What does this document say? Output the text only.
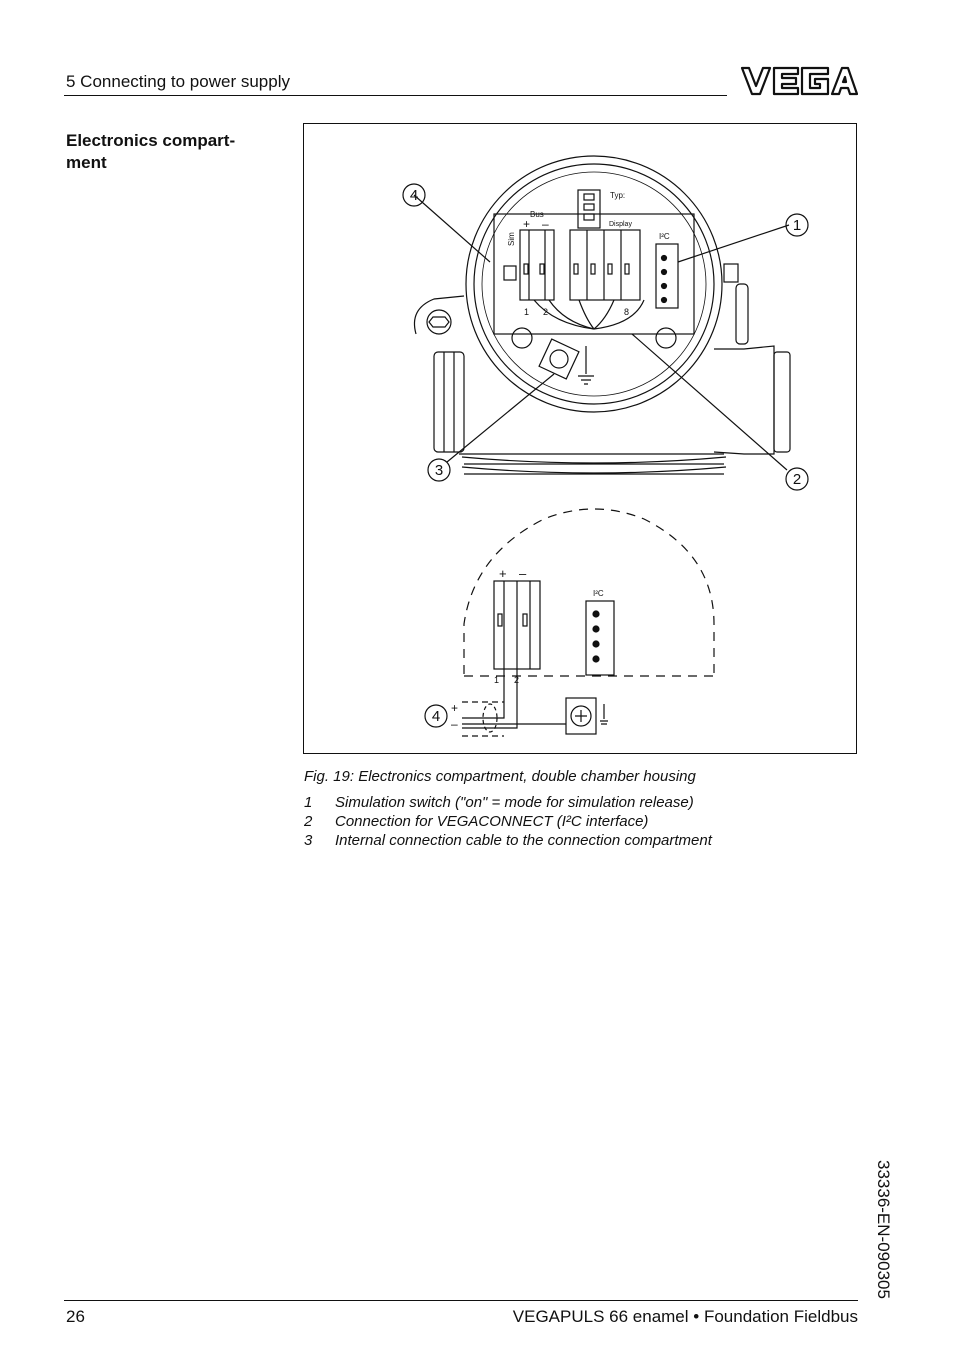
5 Connecting to power supply
Electronics compart-
ment
4
1
3
2
4
Typ:
Display
Bus
Sim
+ –
I²C
1 2	8
+ –
I²C
1 2
+
–
Fig. 19: Electronics compartment, double chamber housing
1 Simulation switch ("on" = mode for simulation release)
2 Connection for VEGACONNECT (I²C interface)
3 Internal connection cable to the connection compartment
33336-EN-090305
26	VEGAPULS 66 enamel • Foundation Fieldbus
